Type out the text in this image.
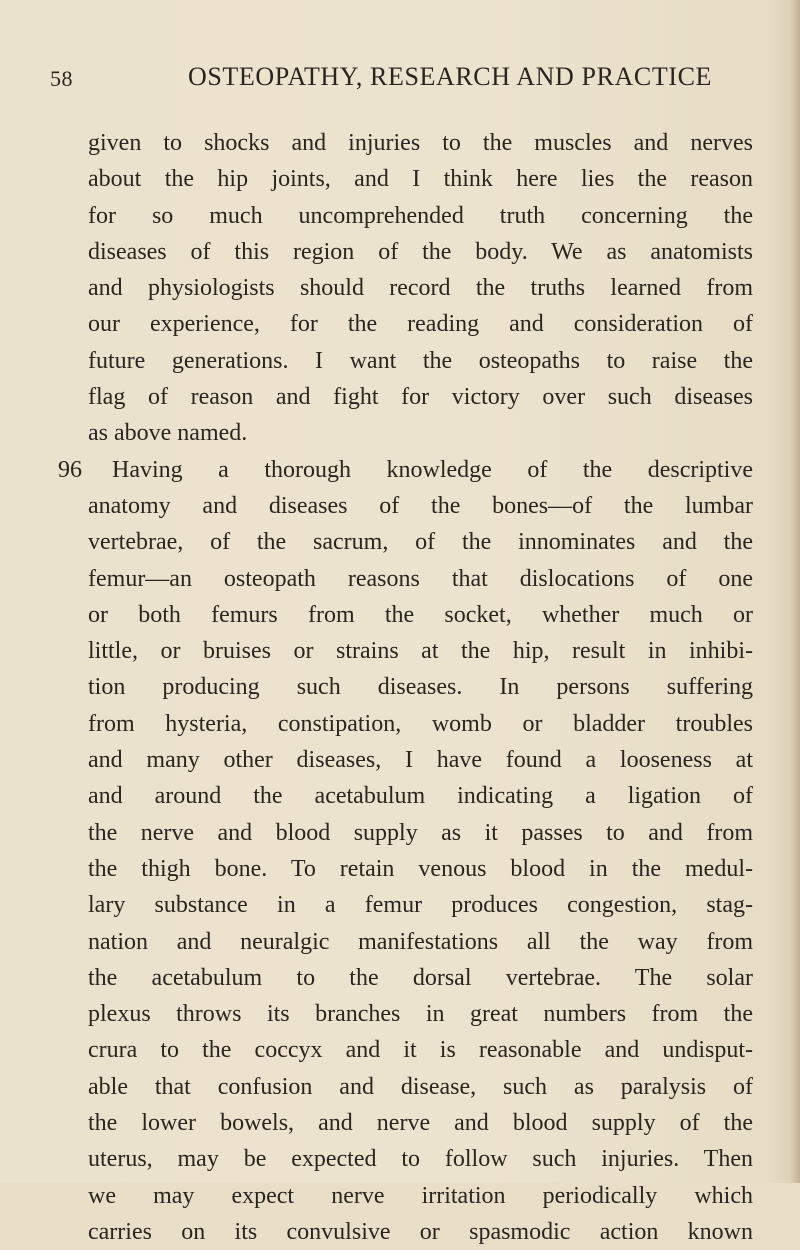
58	OSTEOPATHY, RESEARCH AND PRACTICE
given to shocks and injuries to the muscles and nerves
about the hip joints, and I think here lies the reason
for so much uncomprehended truth concerning the
diseases of this region of the body. We as anatomists
and physiologists should record the truths learned from
our experience, for the reading and consideration of
future generations. I want the osteopaths to raise the
flag of reason and fight for victory over such diseases
as above named.
96 Having a thorough knowledge of the descriptive
anatomy and diseases of the bones—of the lumbar
vertebrae, of the sacrum, of the innominates and the
femur—an osteopath reasons that dislocations of one
or both femurs from the socket, whether much or
little, or bruises or strains at the hip, result in inhibi-
tion producing such diseases. In persons suffering
from hysteria, constipation, womb or bladder troubles
and many other diseases, I have found a looseness at
and around the acetabulum indicating a ligation of
the nerve and blood supply as it passes to and from
the thigh bone. To retain venous blood in the medul-
lary substance in a femur produces congestion, stag-
nation and neuralgic manifestations all the way from
the acetabulum to the dorsal vertebrae. The solar
plexus throws its branches in great numbers from the
crura to the coccyx and it is reasonable and undisput-
able that confusion and disease, such as paralysis of
the lower bowels, and nerve and blood supply of the
uterus, may be expected to follow such injuries. Then
we may expect nerve irritation periodically which
carries on its convulsive or spasmodic action known
